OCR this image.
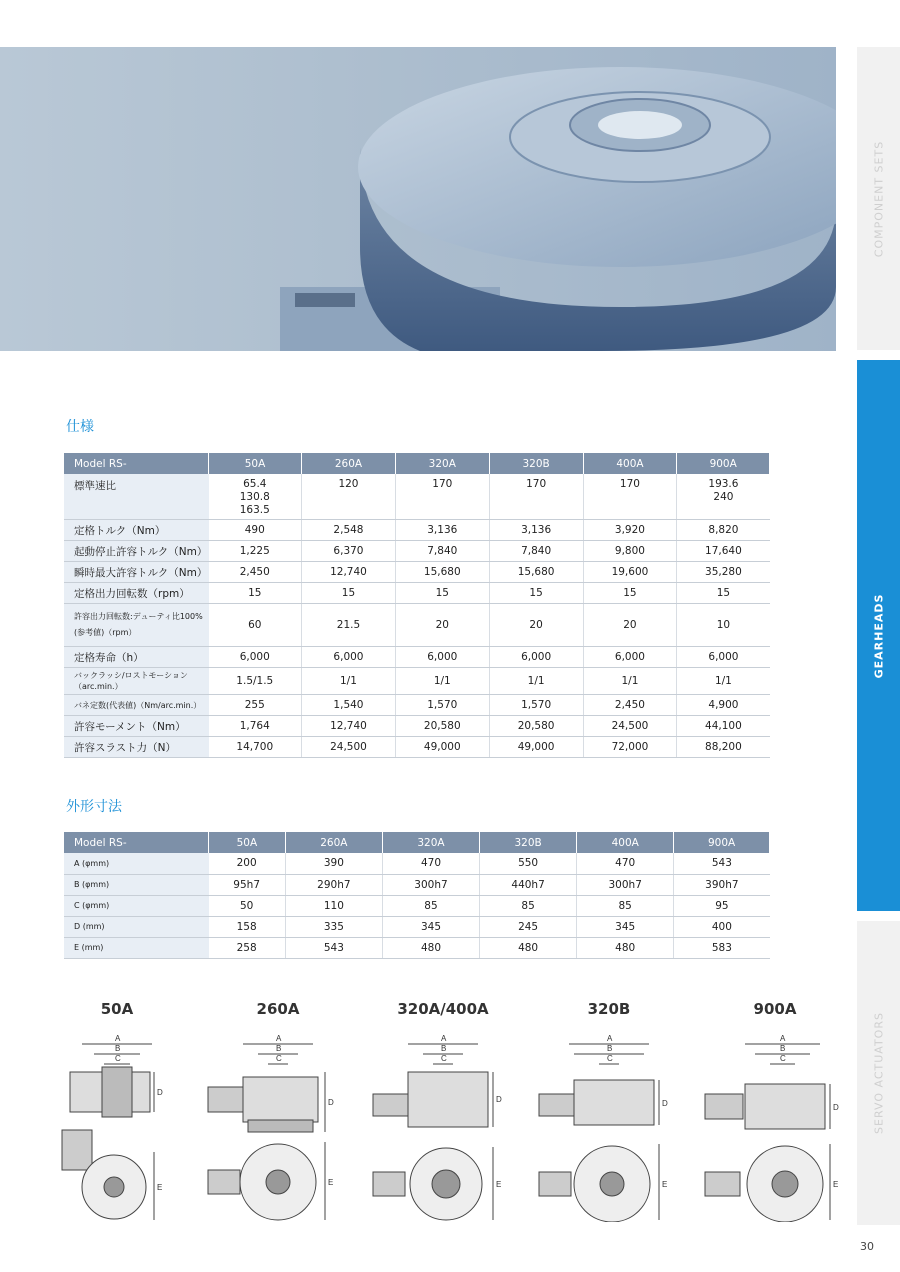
COMPONENT SETS
GEARHEADS
SERVO ACTUATORS
仕様
Model RS-	50A	260A	320A	320B	400A	900A
標準速比	65.4
130.8
163.5	120	170	170	170	193.6
240
定格トルク（Nm）	490	2,548	3,136	3,136	3,920	8,820
起動停止許容トルク（Nm）	1,225	6,370	7,840	7,840	9,800	17,640
瞬時最大許容トルク（Nm）	2,450	12,740	15,680	15,680	19,600	35,280
定格出力回転数（rpm）	15	15	15	15	15	15
許容出力回転数:デューティ比100%
(参考値)（rpm）	60	21.5	20	20	20	10
定格寿命（h）	6,000	6,000	6,000	6,000	6,000	6,000
バックラッシ/ロストモーション（arc.min.）	1.5/1.5	1/1	1/1	1/1	1/1	1/1
バネ定数(代表値)（Nm/arc.min.）	255	1,540	1,570	1,570	2,450	4,900
許容モーメント（Nm）	1,764	12,740	20,580	20,580	24,500	44,100
許容スラスト力（N）	14,700	24,500	49,000	49,000	72,000	88,200
外形寸法
Model RS-	50A	260A	320A	320B	400A	900A
A (φmm)	200	390	470	550	470	543
B (φmm)	95h7	290h7	300h7	440h7	300h7	390h7
C (φmm)	50	110	85	85	85	95
D (mm)	158	335	345	245	345	400
E (mm)	258	543	480	480	480	583
50A
A
B
C
D
E
260A
A
B
C
D
E
320A/400A
A
B
C
D
E
320B
A
B
C
D
E
900A
A
B
C
D
E
30
